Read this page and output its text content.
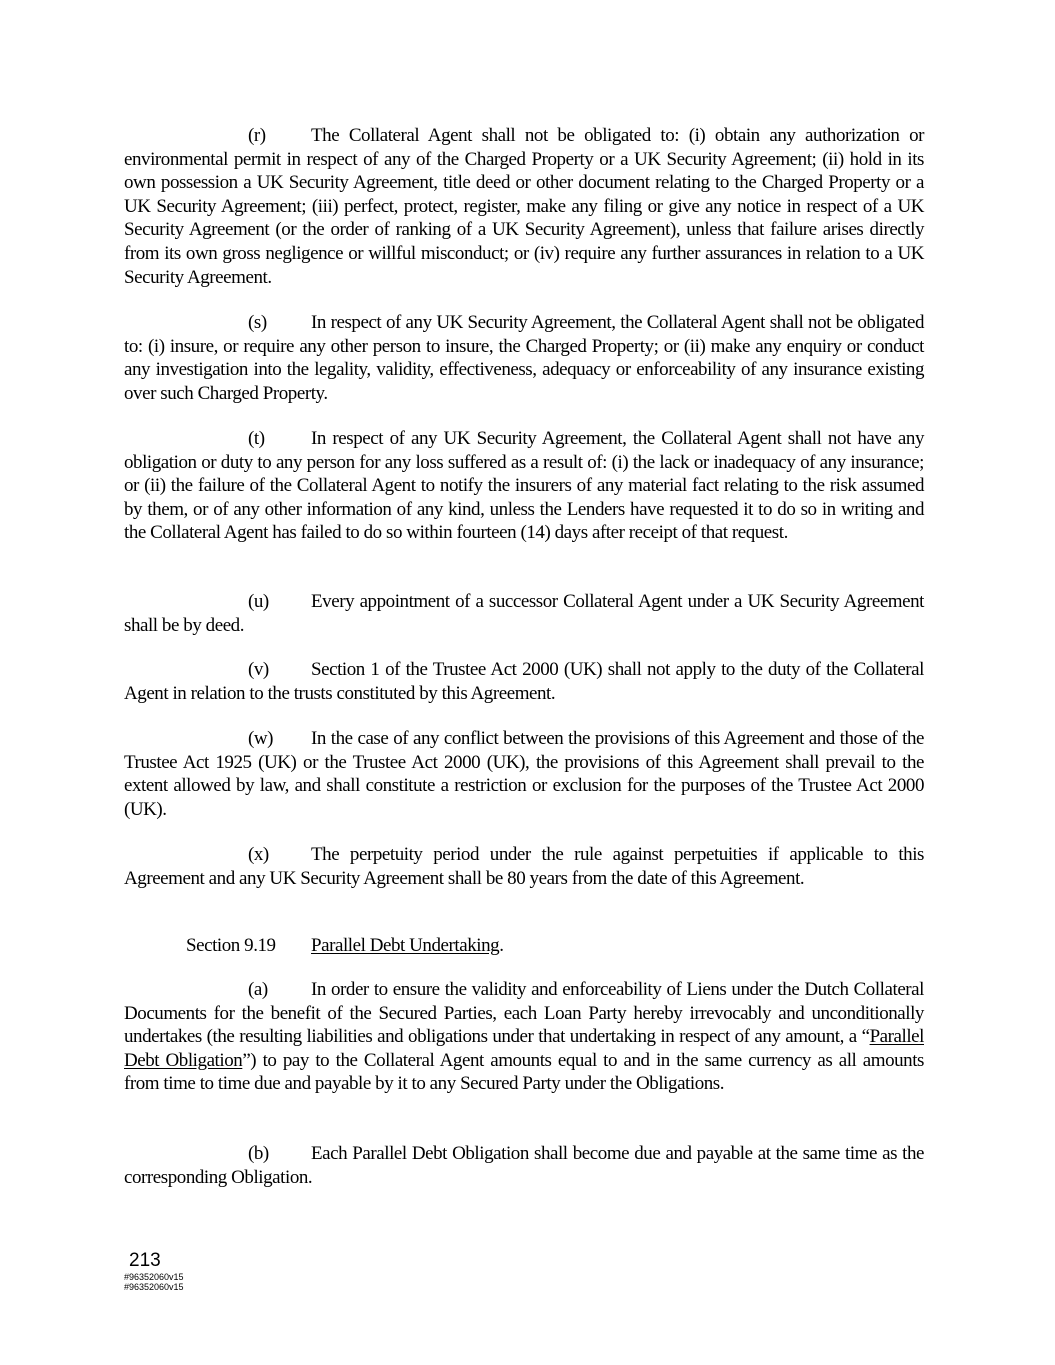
(r) The Collateral Agent shall not be obligated to: (i) obtain any authorization or environmental permit in respect of any of the Charged Property or a UK Security Agreement; (ii) hold in its own possession a UK Security Agreement, title deed or other document relating to the Charged Property or a UK Security Agreement; (iii) perfect, protect, register, make any filing or give any notice in respect of a UK Security Agreement (or the order of ranking of a UK Security Agreement), unless that failure arises directly from its own gross negligence or willful misconduct; or (iv) require any further assurances in relation to a UK Security Agreement.

(s) In respect of any UK Security Agreement, the Collateral Agent shall not be obligated to: (i) insure, or require any other person to insure, the Charged Property; or (ii) make any enquiry or conduct any investigation into the legality, validity, effectiveness, adequacy or enforceability of any insurance existing over such Charged Property.

(t) In respect of any UK Security Agreement, the Collateral Agent shall not have any obligation or duty to any person for any loss suffered as a result of: (i) the lack or inadequacy of any insurance; or (ii) the failure of the Collateral Agent to notify the insurers of any material fact relating to the risk assumed by them, or of any other information of any kind, unless the Lenders have requested it to do so in writing and the Collateral Agent has failed to do so within fourteen (14) days after receipt of that request.

(u) Every appointment of a successor Collateral Agent under a UK Security Agreement shall be by deed.

(v) Section 1 of the Trustee Act 2000 (UK) shall not apply to the duty of the Collateral Agent in relation to the trusts constituted by this Agreement.

(w) In the case of any conflict between the provisions of this Agreement and those of the Trustee Act 1925 (UK) or the Trustee Act 2000 (UK), the provisions of this Agreement shall prevail to the extent allowed by law, and shall constitute a restriction or exclusion for the purposes of the Trustee Act 2000 (UK).

(x) The perpetuity period under the rule against perpetuities if applicable to this Agreement and any UK Security Agreement shall be 80 years from the date of this Agreement.

Section 9.19 Parallel Debt Undertaking.

(a) In order to ensure the validity and enforceability of Liens under the Dutch Collateral Documents for the benefit of the Secured Parties, each Loan Party hereby irrevocably and unconditionally undertakes (the resulting liabilities and obligations under that undertaking in respect of any amount, a “Parallel Debt Obligation”) to pay to the Collateral Agent amounts equal to and in the same currency as all amounts from time to time due and payable by it to any Secured Party under the Obligations.

(b) Each Parallel Debt Obligation shall become due and payable at the same time as the corresponding Obligation.

213
#96352060v15
#96352060v15
